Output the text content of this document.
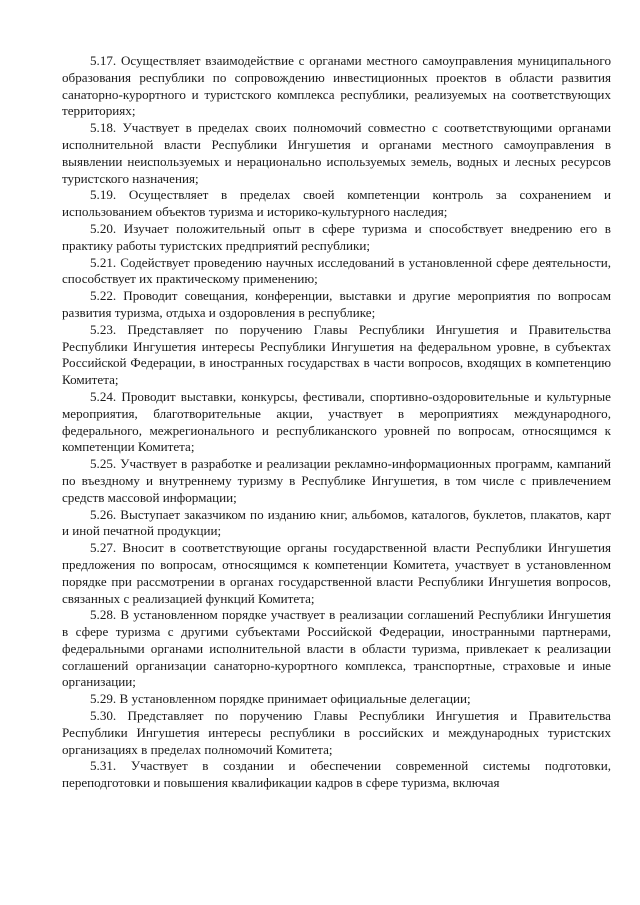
5.17. Осуществляет взаимодействие с органами местного самоуправления муниципального образования республики по сопровождению инвестиционных проектов в области развития санаторно-курортного и туристского комплекса республики, реализуемых на соответствующих территориях;

5.18. Участвует в пределах своих полномочий совместно с соответствующими органами исполнительной власти Республики Ингушетия и органами местного самоуправления в выявлении неиспользуемых и нерационально используемых земель, водных и лесных ресурсов туристского назначения;

5.19. Осуществляет в пределах своей компетенции контроль за сохранением и использованием объектов туризма и историко-культурного наследия;

5.20. Изучает положительный опыт в сфере туризма и способствует внедрению его в практику работы туристских предприятий республики;

5.21. Содействует проведению научных исследований в установленной сфере деятельности, способствует их практическому применению;

5.22. Проводит совещания, конференции, выставки и другие мероприятия по вопросам развития туризма, отдыха и оздоровления в республике;

5.23. Представляет по поручению Главы Республики Ингушетия и Правительства Республики Ингушетия интересы Республики Ингушетия на федеральном уровне, в субъектах Российской Федерации, в иностранных государствах в части вопросов, входящих в компетенцию Комитета;

5.24. Проводит выставки, конкурсы, фестивали, спортивно-оздоровительные и культурные мероприятия, благотворительные акции, участвует в мероприятиях международного, федерального, межрегионального и республиканского уровней по вопросам, относящимся к компетенции Комитета;

5.25. Участвует в разработке и реализации рекламно-информационных программ, кампаний по въездному и внутреннему туризму в Республике Ингушетия, в том числе с привлечением средств массовой информации;

5.26. Выступает заказчиком по изданию книг, альбомов, каталогов, буклетов, плакатов, карт и иной печатной продукции;

5.27. Вносит в соответствующие органы государственной власти Республики Ингушетия предложения по вопросам, относящимся к компетенции Комитета, участвует в установленном порядке при рассмотрении в органах государственной власти Республики Ингушетия вопросов, связанных с реализацией функций Комитета;

5.28. В установленном порядке участвует в реализации соглашений Республики Ингушетия в сфере туризма с другими субъектами Российской Федерации, иностранными партнерами, федеральными органами исполнительной власти в области туризма, привлекает к реализации соглашений организации санаторно-курортного комплекса, транспортные, страховые и иные организации;

5.29. В установленном порядке принимает официальные делегации;

5.30. Представляет по поручению Главы Республики Ингушетия и Правительства Республики Ингушетия интересы республики в российских и международных туристских организациях в пределах полномочий Комитета;

5.31. Участвует в создании и обеспечении современной системы подготовки, переподготовки и повышения квалификации кадров в сфере туризма, включая
